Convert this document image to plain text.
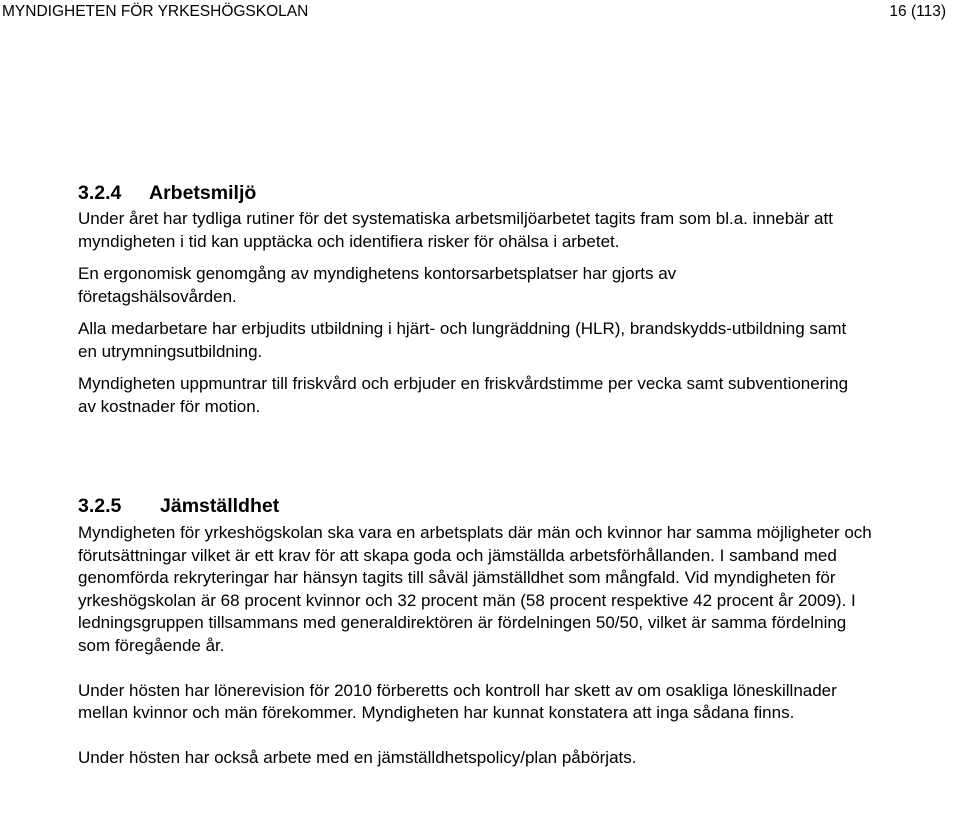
MYNDIGHETEN FÖR YRKESHÖGSKOLAN	16 (113)
3.2.4 Arbetsmiljö

Under året har tydliga rutiner för det systematiska arbetsmiljöarbetet tagits fram som bl.a. innebär att myndigheten i tid kan upptäcka och identifiera risker för ohälsa i arbetet.

En ergonomisk genomgång av myndighetens kontorsarbetsplatser har gjorts av företagshälsovården.

Alla medarbetare har erbjudits utbildning i hjärt- och lungräddning (HLR), brandskydds-utbildning samt en utrymningsutbildning.

Myndigheten uppmuntrar till friskvård och erbjuder en friskvårdstimme per vecka samt subventionering av kostnader för motion.

3.2.5 Jämställdhet

Myndigheten för yrkeshögskolan ska vara en arbetsplats där män och kvinnor har samma möjligheter och förutsättningar vilket är ett krav för att skapa goda och jämställda arbetsförhållanden. I samband med genomförda rekryteringar har hänsyn tagits till såväl jämställdhet som mångfald. Vid myndigheten för yrkeshögskolan är 68 procent kvinnor och 32 procent män (58 procent respektive 42 procent år 2009). I ledningsgruppen tillsammans med generaldirektören är fördelningen 50/50, vilket är samma fördelning som föregående år.

Under hösten har lönerevision för 2010 förberetts och kontroll har skett av om osakliga löneskillnader mellan kvinnor och män förekommer. Myndigheten har kunnat konstatera att inga sådana finns.

Under hösten har också arbete med en jämställdhetspolicy/plan påbörjats.
